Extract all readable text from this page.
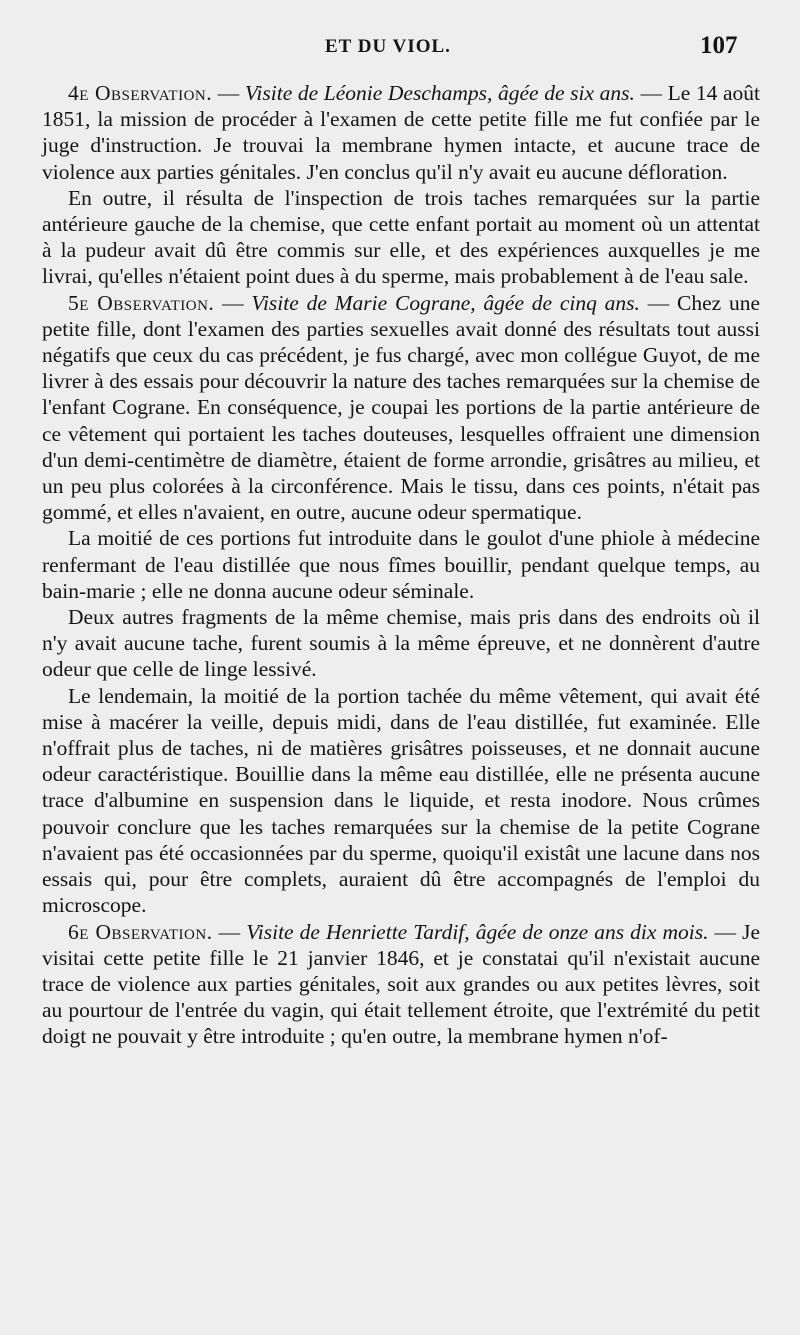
ET DU VIOL.	107

4e Observation. — Visite de Léonie Deschamps, âgée de six ans. — Le 14 août 1851, la mission de procéder à l'examen de cette petite fille me fut confiée par le juge d'instruction. Je trouvai la membrane hymen intacte, et aucune trace de violence aux parties génitales. J'en conclus qu'il n'y avait eu aucune défloration.

En outre, il résulta de l'inspection de trois taches remarquées sur la partie antérieure gauche de la chemise, que cette enfant portait au moment où un attentat à la pudeur avait dû être commis sur elle, et des expériences auxquelles je me livrai, qu'elles n'étaient point dues à du sperme, mais probablement à de l'eau sale.

5e Observation. — Visite de Marie Cograne, âgée de cinq ans. — Chez une petite fille, dont l'examen des parties sexuelles avait donné des résultats tout aussi négatifs que ceux du cas précédent, je fus chargé, avec mon collégue Guyot, de me livrer à des essais pour découvrir la nature des taches remarquées sur la chemise de l'enfant Cograne. En conséquence, je coupai les portions de la partie antérieure de ce vêtement qui portaient les taches douteuses, lesquelles offraient une dimension d'un demi-centimètre de diamètre, étaient de forme arrondie, grisâtres au milieu, et un peu plus colorées à la circonférence. Mais le tissu, dans ces points, n'était pas gommé, et elles n'avaient, en outre, aucune odeur spermatique.

La moitié de ces portions fut introduite dans le goulot d'une phiole à médecine renfermant de l'eau distillée que nous fîmes bouillir, pendant quelque temps, au bain-marie ; elle ne donna aucune odeur séminale.

Deux autres fragments de la même chemise, mais pris dans des endroits où il n'y avait aucune tache, furent soumis à la même épreuve, et ne donnèrent d'autre odeur que celle de linge lessivé.

Le lendemain, la moitié de la portion tachée du même vêtement, qui avait été mise à macérer la veille, depuis midi, dans de l'eau distillée, fut examinée. Elle n'offrait plus de taches, ni de matières grisâtres poisseuses, et ne donnait aucune odeur caractéristique. Bouillie dans la même eau distillée, elle ne présenta aucune trace d'albumine en suspension dans le liquide, et resta inodore. Nous crûmes pouvoir conclure que les taches remarquées sur la chemise de la petite Cograne n'avaient pas été occasionnées par du sperme, quoiqu'il existât une lacune dans nos essais qui, pour être complets, auraient dû être accompagnés de l'emploi du microscope.

6e Observation. — Visite de Henriette Tardif, âgée de onze ans dix mois. — Je visitai cette petite fille le 21 janvier 1846, et je constatai qu'il n'existait aucune trace de violence aux parties génitales, soit aux grandes ou aux petites lèvres, soit au pourtour de l'entrée du vagin, qui était tellement étroite, que l'extrémité du petit doigt ne pouvait y être introduite ; qu'en outre, la membrane hymen n'of-
